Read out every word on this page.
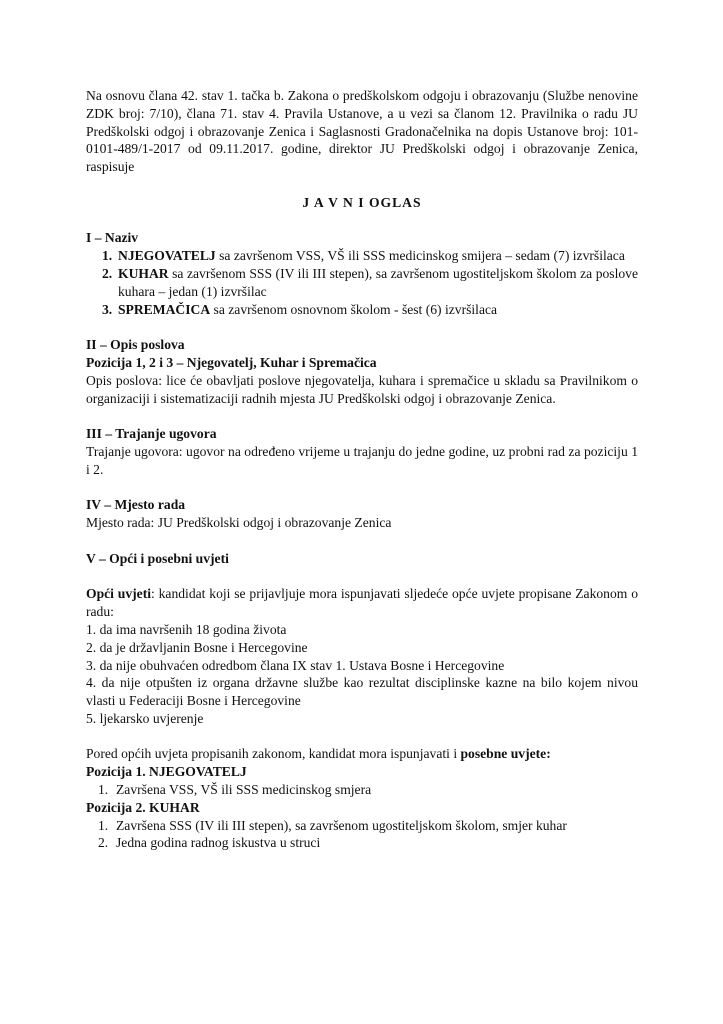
Na osnovu člana 42. stav 1. tačka b. Zakona o predškolskom odgoju i obrazovanju (Službe nenovine ZDK broj: 7/10), člana 71. stav 4. Pravila Ustanove, a u vezi sa članom 12. Pravilnika o radu JU Predškolski odgoj i obrazovanje Zenica i Saglasnosti Gradonačelnika na dopis Ustanove broj: 101-0101-489/1-2017 od 09.11.2017. godine, direktor JU Predškolski odgoj i obrazovanje Zenica, raspisuje

J A V N I OGLAS

I – Naziv

1. NJEGOVATELJ sa završenom VSS, VŠ ili SSS medicinskog smijera – sedam (7) izvršilaca
2. KUHAR sa završenom SSS (IV ili III stepen), sa završenom ugostiteljskom školom za poslove kuhara – jedan (1) izvršilac
3. SPREMAČICA sa završenom osnovnom školom - šest (6) izvršilaca

II – Opis poslova

Pozicija 1, 2 i 3 – Njegovatelj, Kuhar i Spremačica

Opis poslova: lice će obavljati poslove njegovatelja, kuhara i spremačice u skladu sa Pravilnikom o organizaciji i sistematizaciji radnih mjesta JU Predškolski odgoj i obrazovanje Zenica.

III – Trajanje ugovora

Trajanje ugovora: ugovor na određeno vrijeme u trajanju do jedne godine, uz probni rad za poziciju 1 i 2.

IV – Mjesto rada

Mjesto rada: JU Predškolski odgoj i obrazovanje Zenica

V – Opći i posebni uvjeti

Opći uvjeti: kandidat koji se prijavljuje mora ispunjavati sljedeće opće uvjete propisane Zakonom o radu:

1. da ima navršenih 18 godina života

2. da je državljanin Bosne i Hercegovine

3. da nije obuhvaćen odredbom člana IX stav 1. Ustava Bosne i Hercegovine

4. da nije otpušten iz organa državne službe kao rezultat disciplinske kazne na bilo kojem nivou vlasti u Federaciji Bosne i Hercegovine

5. ljekarsko uvjerenje

Pored općih uvjeta propisanih zakonom, kandidat mora ispunjavati i posebne uvjete:

Pozicija 1. NJEGOVATELJ

1. Završena VSS, VŠ ili SSS medicinskog smjera

Pozicija 2. KUHAR

1. Završena SSS (IV ili III stepen), sa završenom ugostiteljskom školom, smjer kuhar
2. Jedna godina radnog iskustva u struci
